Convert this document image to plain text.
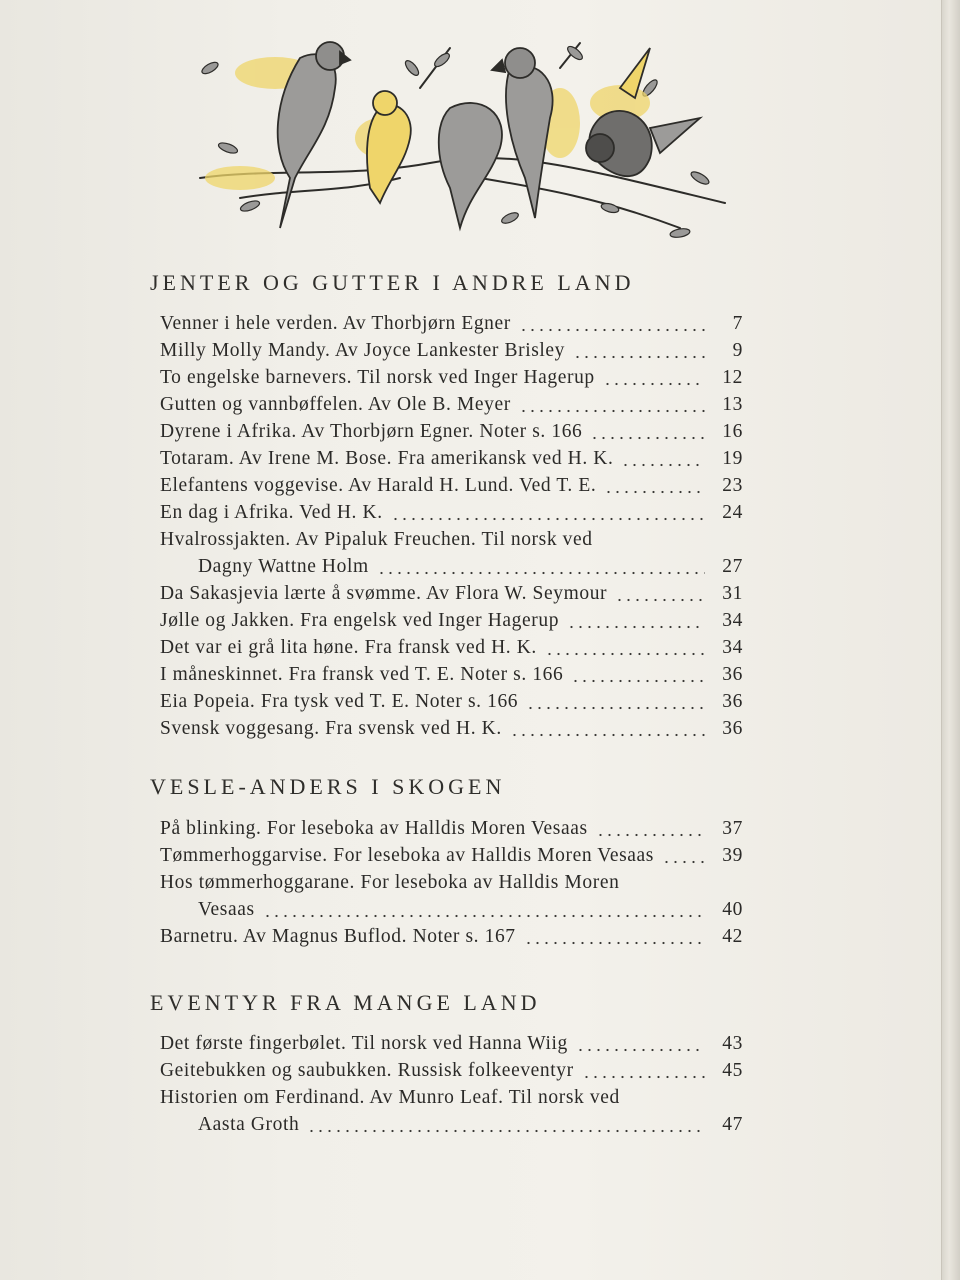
JENTER OG GUTTER I ANDRE LAND
Venner i hele verden. Av Thorbjørn Egner	7
Milly Molly Mandy. Av Joyce Lankester Brisley	9
To engelske barnevers. Til norsk ved Inger Hagerup	12
Gutten og vannbøffelen. Av Ole B. Meyer	13
Dyrene i Afrika. Av Thorbjørn Egner. Noter s. 166	16
Totaram. Av Irene M. Bose. Fra amerikansk ved H. K.	19
Elefantens voggevise. Av Harald H. Lund. Ved T. E.	23
En dag i Afrika. Ved H. K.	24
Hvalrossjakten. Av Pipaluk Freuchen. Til norsk ved
Dagny Wattne Holm	27
Da Sakasjevia lærte å svømme. Av Flora W. Seymour	31
Jølle og Jakken. Fra engelsk ved Inger Hagerup	34
Det var ei grå lita høne. Fra fransk ved H. K.	34
I måneskinnet. Fra fransk ved T. E. Noter s. 166	36
Eia Popeia. Fra tysk ved T. E. Noter s. 166	36
Svensk voggesang. Fra svensk ved H. K.	36
VESLE-ANDERS I SKOGEN
På blinking. For leseboka av Halldis Moren Vesaas	37
Tømmerhoggarvise. For leseboka av Halldis Moren Vesaas	39
Hos tømmerhoggarane. For leseboka av Halldis Moren
Vesaas	40
Barnetru. Av Magnus Buflod. Noter s. 167	42
EVENTYR FRA MANGE LAND
Det første fingerbølet. Til norsk ved Hanna Wiig	43
Geitebukken og saubukken. Russisk folkeeventyr	45
Historien om Ferdinand. Av Munro Leaf. Til norsk ved
Aasta Groth	47
